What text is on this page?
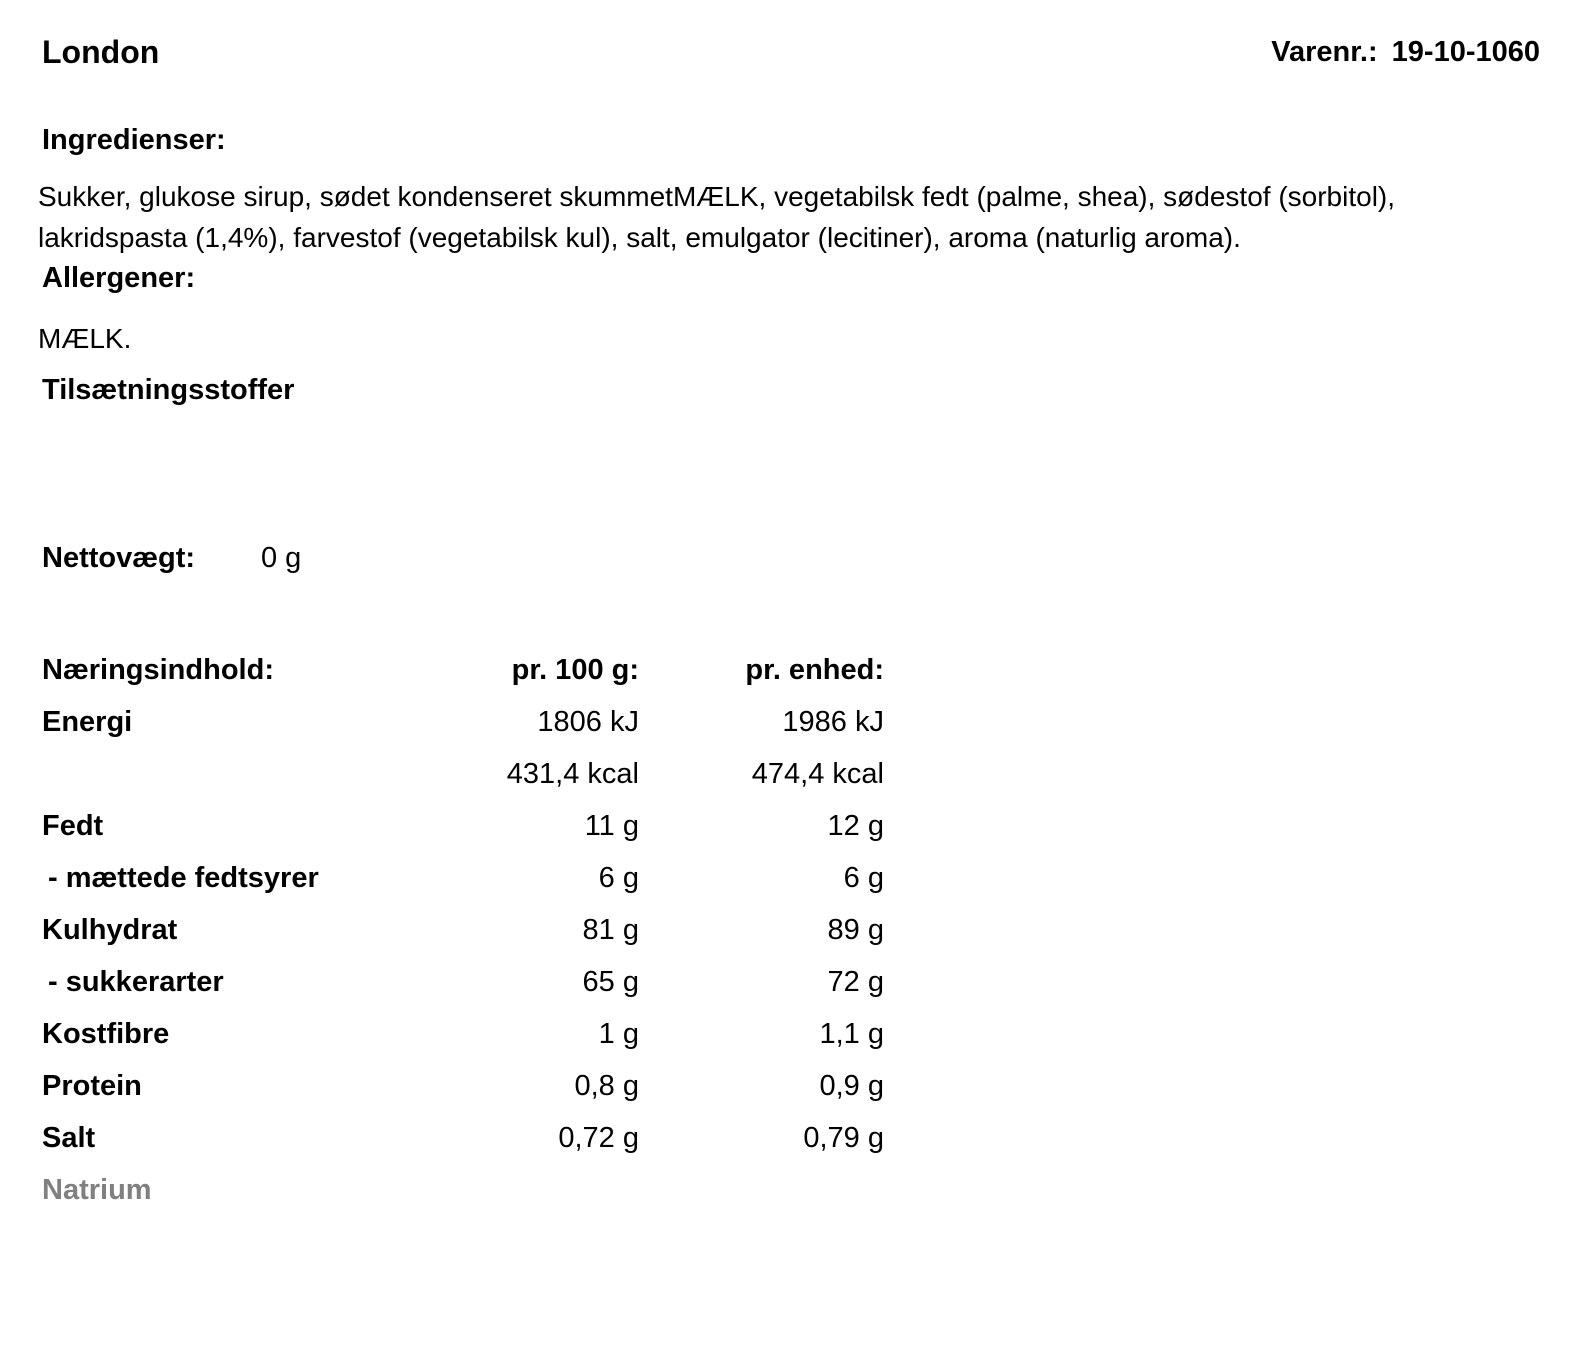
London	Varenr.: 19-10-1060
Ingredienser:
Sukker, glukose sirup, sødet kondenseret skummetMÆLK, vegetabilsk fedt (palme, shea), sødestof (sorbitol), lakridspasta (1,4%), farvestof (vegetabilsk kul), salt, emulgator (lecitiner), aroma (naturlig aroma).
Allergener:
MÆLK.
Tilsætningsstoffer
Nettovægt: 0 g
Næringsindhold:	pr. 100 g:	pr. enhed:
Energi	1806 kJ	1986 kJ
431,4 kcal	474,4 kcal
Fedt	11 g	12 g
- mættede fedtsyrer	6 g	6 g
Kulhydrat	81 g	89 g
- sukkerarter	65 g	72 g
Kostfibre	1 g	1,1 g
Protein	0,8 g	0,9 g
Salt	0,72 g	0,79 g
Natrium
